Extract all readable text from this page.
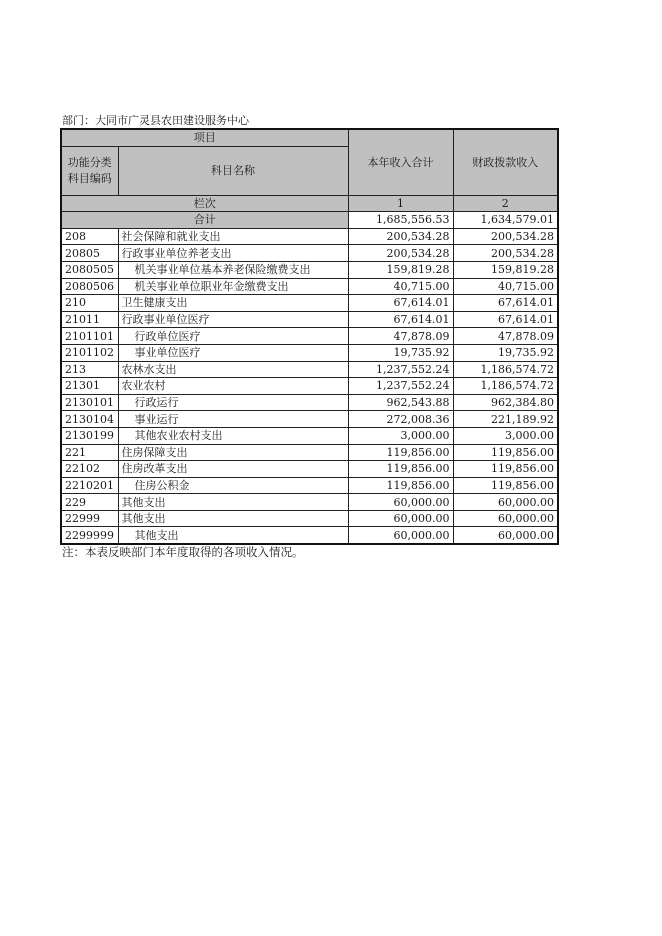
部门：大同市广灵县农田建设服务中心
项目		本年收入合计	财政拨款收入

功能分类
科目编码	科目名称		
栏次		1	2
合计		1,685,556.53	1,634,579.01
208	社会保障和就业支出	200,534.28	200,534.28
20805	行政事业单位养老支出	200,534.28	200,534.28
2080505	机关事业单位基本养老保险缴费支出	159,819.28	159,819.28
2080506	机关事业单位职业年金缴费支出	40,715.00	40,715.00
210	卫生健康支出	67,614.01	67,614.01
21011	行政事业单位医疗	67,614.01	67,614.01
2101101	行政单位医疗	47,878.09	47,878.09
2101102	事业单位医疗	19,735.92	19,735.92
213	农林水支出	1,237,552.24	1,186,574.72
21301	农业农村	1,237,552.24	1,186,574.72
2130101	行政运行	962,543.88	962,384.80
2130104	事业运行	272,008.36	221,189.92
2130199	其他农业农村支出	3,000.00	3,000.00
221	住房保障支出	119,856.00	119,856.00
22102	住房改革支出	119,856.00	119,856.00
2210201	住房公积金	119,856.00	119,856.00
229	其他支出	60,000.00	60,000.00
22999	其他支出	60,000.00	60,000.00
2299999	其他支出	60,000.00	60,000.00
注：本表反映部门本年度取得的各项收入情况。
